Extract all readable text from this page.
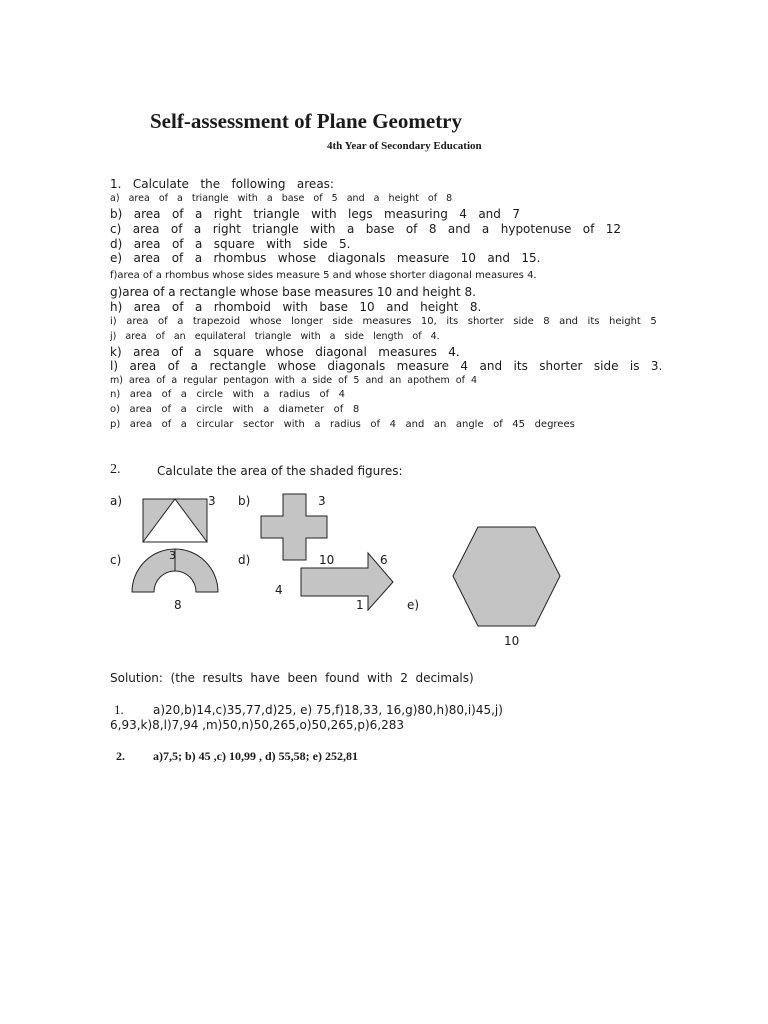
Self-assessment of Plane Geometry
4th Year of Secondary Education
1.   Calculate   the   following   areas:
a)   area   of   a   triangle   with   a   base   of   5   and   a   height   of   8
b)   area   of   a   right   triangle   with   legs   measuring   4   and   7
c)   area   of   a   right   triangle   with   a   base   of   8   and   a   hypotenuse   of   12
d)   area   of   a   square   with   side   5.
e)   area   of   a   rhombus   whose   diagonals   measure   10   and   15.
f)area of a rhombus whose sides measure 5 and whose shorter diagonal measures 4.
g)area of a rectangle whose base measures 10 and height 8.
h)   area   of   a   rhomboid   with   base   10   and   height   8.
i)   area   of   a   trapezoid   whose   longer   side   measures   10,   its   shorter   side   8   and   its   height   5
j)   area   of   an   equilateral   triangle   with   a   side   length   of   4.
k)   area   of   a   square   whose   diagonal   measures   4.
l)   area   of   a   rectangle   whose   diagonals   measure   4   and   its   shorter   side   is   3.
m)  area  of  a  regular  pentagon  with  a  side  of  5  and  an  apothem  of  4
n)   area   of   a   circle   with   a   radius   of   4
o)   area   of   a   circle   with   a   diameter   of   8
p)   area   of   a   circular   sector   with   a   radius   of   4   and   an   angle   of   45   degrees
2.	Calculate the area of the shaded figures:
a)	3 b)	3
c)	3
8
d)	10	6
4
1	e)
10
Solution:  (the  results  have  been  found  with  2  decimals)
1. a)20,b)14,c)35,77,d)25, e) 75,f)18,33, 16,g)80,h)80,i)45,j)
6,93,k)8,l)7,94 ,m)50,n)50,265,o)50,265,p)6,283
2. a)7,5; b) 45 ,c) 10,99 , d) 55,58; e) 252,81
